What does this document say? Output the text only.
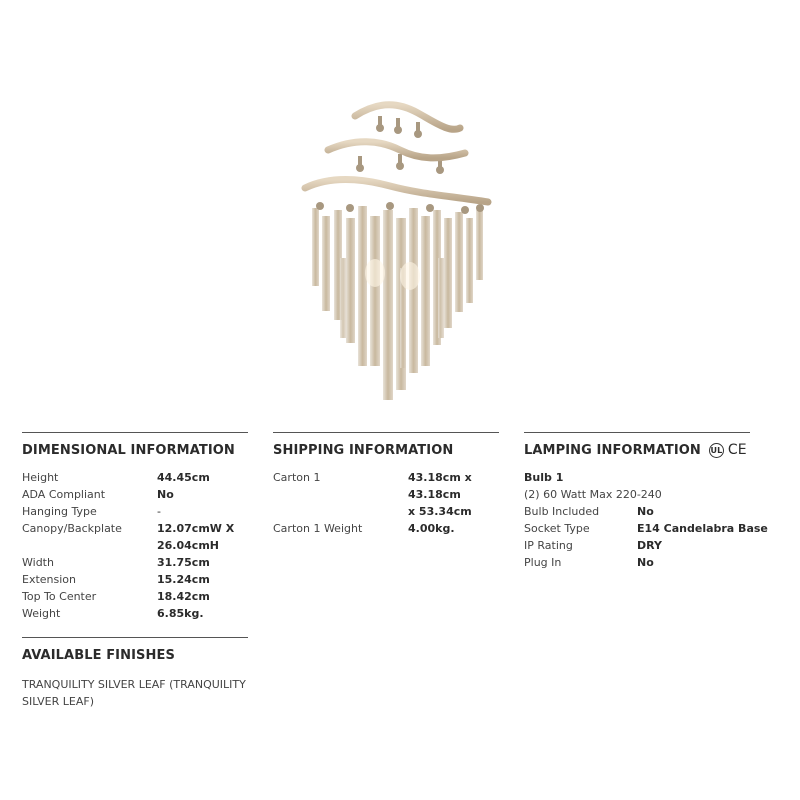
DIMENSIONAL INFORMATION
Height	44.45cm
ADA Compliant	No
Hanging Type	-
Canopy/Backplate	12.07cmW X
26.04cmH
Width	31.75cm
Extension	15.24cm
Top To Center	18.42cm
Weight	6.85kg.
SHIPPING INFORMATION
Carton 1	43.18cm x 43.18cm
x 53.34cm
Carton 1 Weight	4.00kg.
LAMPING INFORMATION UL CE
Bulb 1
(2) 60 Watt Max 220-240
Bulb Included	No
Socket Type	E14 Candelabra Base
IP Rating	DRY
Plug In	No
AVAILABLE FINISHES
TRANQUILITY SILVER LEAF (TRANQUILITY SILVER LEAF)
